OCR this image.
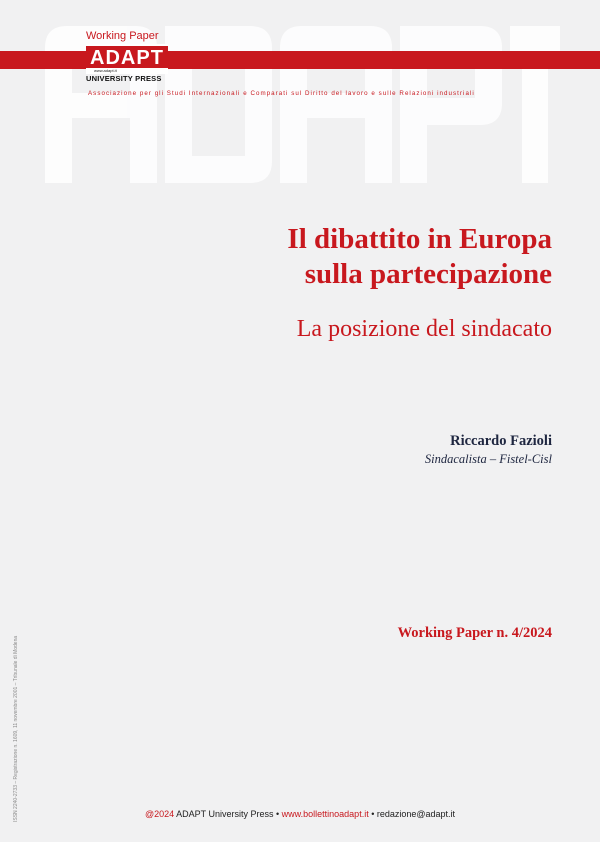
Working Paper
ADAPT
www.adapt.it
UNIVERSITY PRESS
Associazione per gli Studi Internazionali e Comparati sul Diritto del lavoro e sulle Relazioni industriali
Il dibattito in Europa
sulla partecipazione
La posizione del sindacato
Riccardo Fazioli
Sindacalista – Fistel-Cisl
Working Paper n. 4/2024
ISSN 2240-2733 – Registrazione n. 1609, 11 novembre 2001 – Tribunale di Modena	@2024 ADAPT University Press • www.bollettinoadapt.it • redazione@adapt.it
